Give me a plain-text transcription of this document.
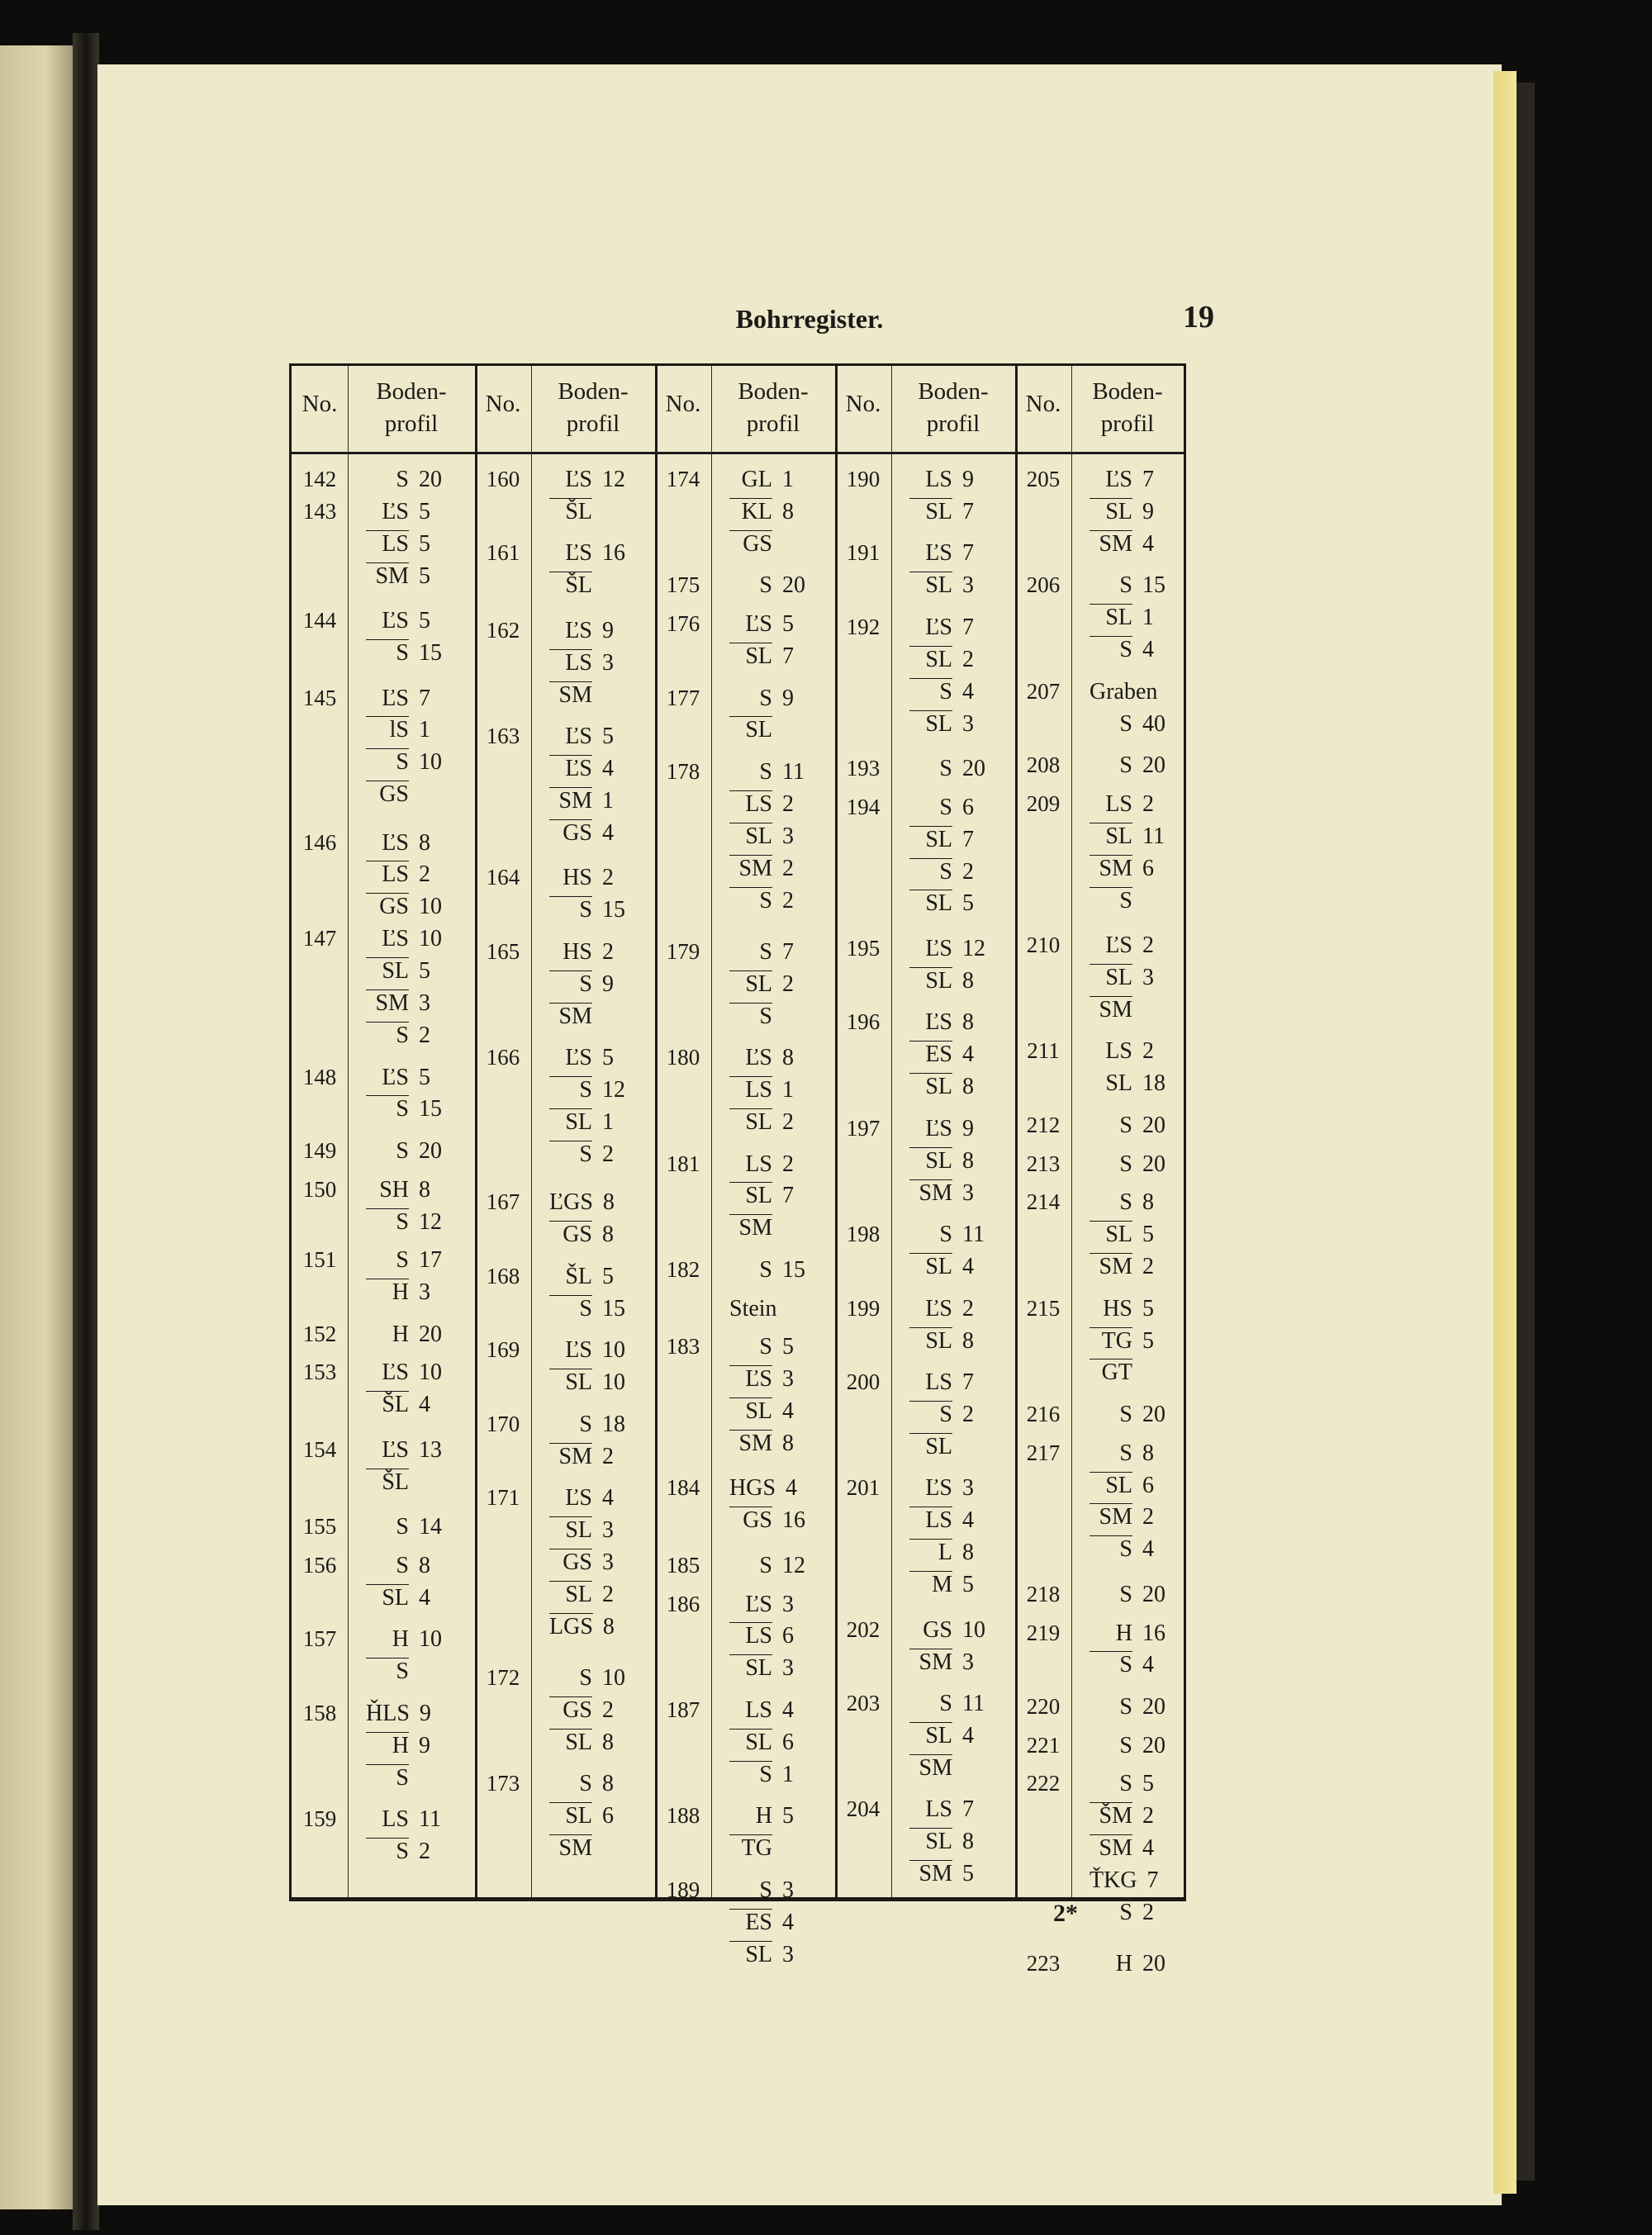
Bohrregister.	19
2*
No.	Boden-
profil
142	S 20
143	ĽS 5
LS 5
SM 5
144	ĽS 5
S 15
145	ĽS 7
lS 1
S 10
GS
146	ĽS 8
LS 2
GS 10
147	ĽS 10
SL 5
SM 3
S 2
148	ĽS 5
S 15
149	S 20
150	SH 8
S 12
151	S 17
H 3
152	H 20
153	ĽS 10
ŠL 4
154	ĽS 13
ŠL
155	S 14
156	S 8
SL 4
157	H 10
S
158	ȞLS 9
H 9
S
159	LS 11
S 2
No.	Boden-
profil
160	ĽS 12
ŠL
161	ĽS 16
ŠL
162	ĽS 9
LS 3
SM
163	ĽS 5
ĽS 4
SM 1
GS 4
164	HS 2
S 15
165	HS 2
S 9
SM
166	ĽS 5
S 12
SL 1
S 2
167	ĽGS 8
GS 8
168	ŠL 5
S 15
169	ĽS 10
SL 10
170	S 18
SM 2
171	ĽS 4
SL 3
GS 3
SL 2
LGS 8
172	S 10
GS 2
SL 8
173	S 8
SL 6
SM
No.	Boden-
profil
174	GL 1
KL 8
GS
175	S 20
176	ĽS 5
SL 7
177	S 9
SL
178	S 11
LS 2
SL 3
SM 2
S 2
179	S 7
SL 2
S
180	ĽS 8
LS 1
SL 2
181	LS 2
SL 7
SM
182	S 15
Stein
183	S 5
ĽS 3
SL 4
SM 8
184	HGS 4
GS 16
185	S 12
186	ĽS 3
LS 6
SL 3
187	LS 4
SL 6
S 1
188	H 5
TG
189	S 3
ES 4
SL 3
No.	Boden-
profil
190	LS 9
SL 7
191	ĽS 7
SL 3
192	ĽS 7
SL 2
S 4
SL 3
193	S 20
194	S 6
SL 7
S 2
SL 5
195	ĽS 12
SL 8
196	ĽS 8
ES 4
SL 8
197	ĽS 9
SL 8
SM 3
198	S 11
SL 4
199	ĽS 2
SL 8
200	LS 7
S 2
SL
201	ĽS 3
LS 4
L 8
M 5
202	GS 10
SM 3
203	S 11
SL 4
SM
204	LS 7
SL 8
SM 5
No.	Boden-
profil
205	ĽS 7
SL 9
SM 4
206	S 15
SL 1
S 4
207	Graben
S 40
208	S 20
209	LS 2
SL 11
SM 6
S
210	ĽS 2
SL 3
SM
211	LS 2
SL 18
212	S 20
213	S 20
214	S 8
SL 5
SM 2
215	HS 5
TG 5
GT
216	S 20
217	S 8
SL 6
SM 2
S 4
218	S 20
219	H 16
S 4
220	S 20
221	S 20
222	S 5
ŠM 2
SM 4
ŤKG 7
S 2
223	H 20
